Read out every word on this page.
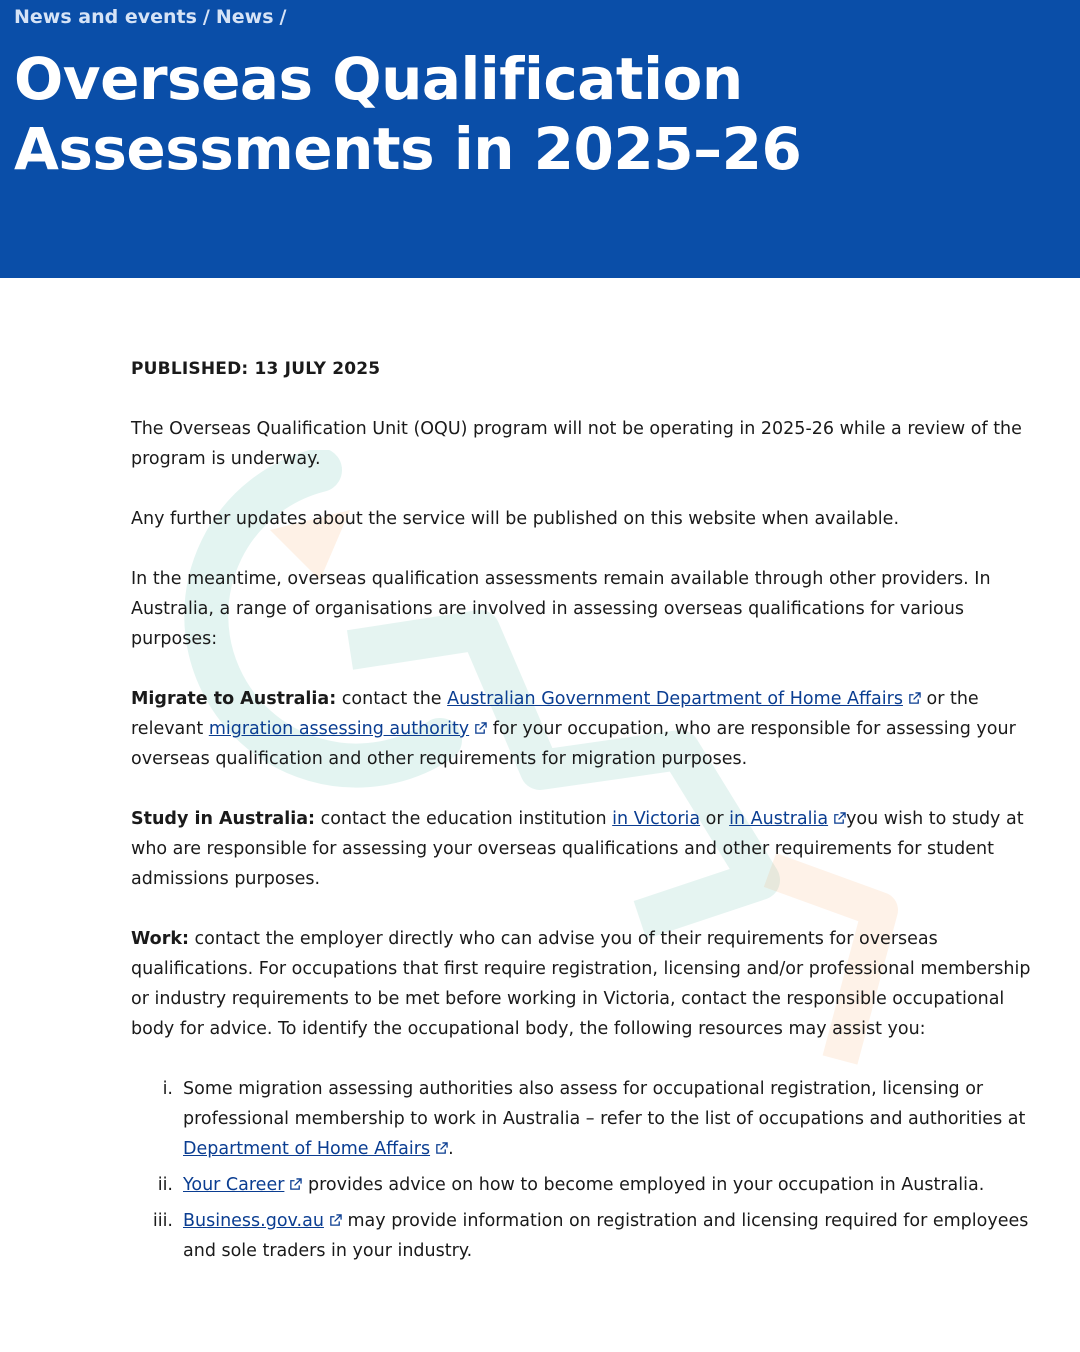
News and events / News /
Overseas Qualification Assessments in 2025–26

PUBLISHED: 13 JULY 2025

The Overseas Qualification Unit (OQU) program will not be operating in 2025-26 while a review of the program is underway.

Any further updates about the service will be published on this website when available.

In the meantime, overseas qualification assessments remain available through other providers. In Australia, a range of organisations are involved in assessing overseas qualifications for various purposes:

Migrate to Australia: contact the Australian Government Department of Home Affairs or the relevant migration assessing authority for your occupation, who are responsible for assessing your overseas qualification and other requirements for migration purposes.

Study in Australia: contact the education institution in Victoria or in Australia you wish to study at who are responsible for assessing your overseas qualifications and other requirements for student admissions purposes.

Work: contact the employer directly who can advise you of their requirements for overseas qualifications. For occupations that first require registration, licensing and/or professional membership or industry requirements to be met before working in Victoria, contact the responsible occupational body for advice. To identify the occupational body, the following resources may assist you:

i. Some migration assessing authorities also assess for occupational registration, licensing or professional membership to work in Australia – refer to the list of occupations and authorities at Department of Home Affairs .
ii. Your Career provides advice on how to become employed in your occupation in Australia.
iii. Business.gov.au may provide information on registration and licensing required for employees and sole traders in your industry.
